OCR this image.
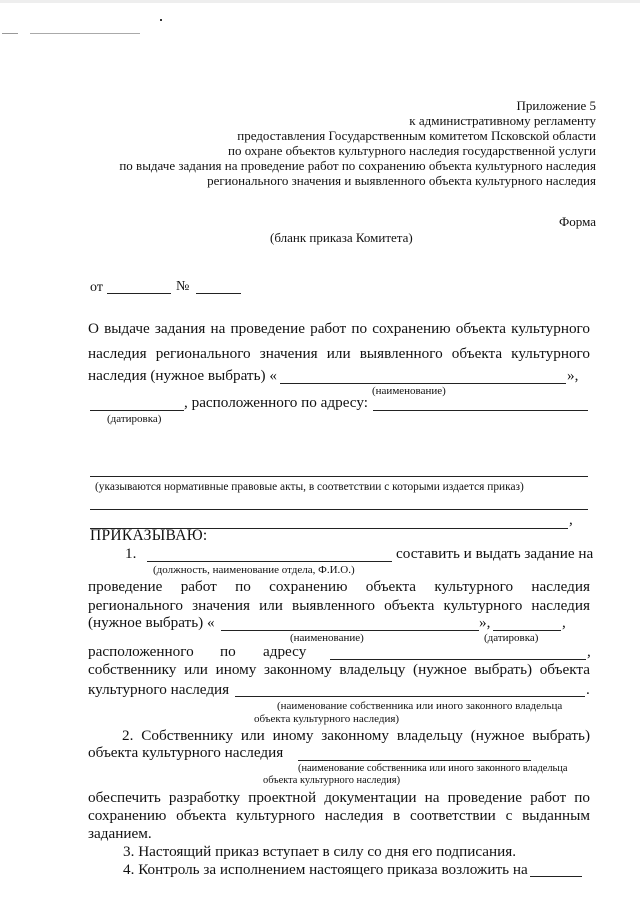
Приложение 5
к административному регламенту
предоставления Государственным комитетом Псковской области
по охране объектов культурного наследия государственной услуги
по выдаче задания на проведение работ по сохранению объекта культурного наследия
регионального значения и выявленного объекта культурного наследия
Форма
(бланк приказа Комитета)
от	№
О выдаче задания на проведение работ по сохранению объекта культурного
наследия регионального значения или выявленного объекта культурного
наследия (нужное выбрать) «	»,
(наименование)
, расположенного по адресу:
(датировка)
(указываются нормативные правовые акты, в соответствии с которыми издается приказ)
,
ПРИКАЗЫВАЮ:
1.	составить и выдать задание на
(должность, наименование отдела, Ф.И.О.)
проведение работ по сохранению объекта культурного наследия
регионального значения или выявленного объекта культурного наследия
(нужное выбрать) «	»,	,
(наименование)	(датировка)
расположенного по адресу	,
собственнику или иному законному владельцу (нужное выбрать) объекта
культурного наследия	.
(наименование собственника или иного законного владельца
объекта культурного наследия)
2. Собственнику или иному законному владельцу (нужное выбрать)
объекта культурного наследия
(наименование собственника или иного законного владельца
объекта культурного наследия)
обеспечить разработку проектной документации на проведение работ по
сохранению объекта культурного наследия в соответствии с выданным
заданием.
3. Настоящий приказ вступает в силу со дня его подписания.
4. Контроль за исполнением настоящего приказа возложить на
